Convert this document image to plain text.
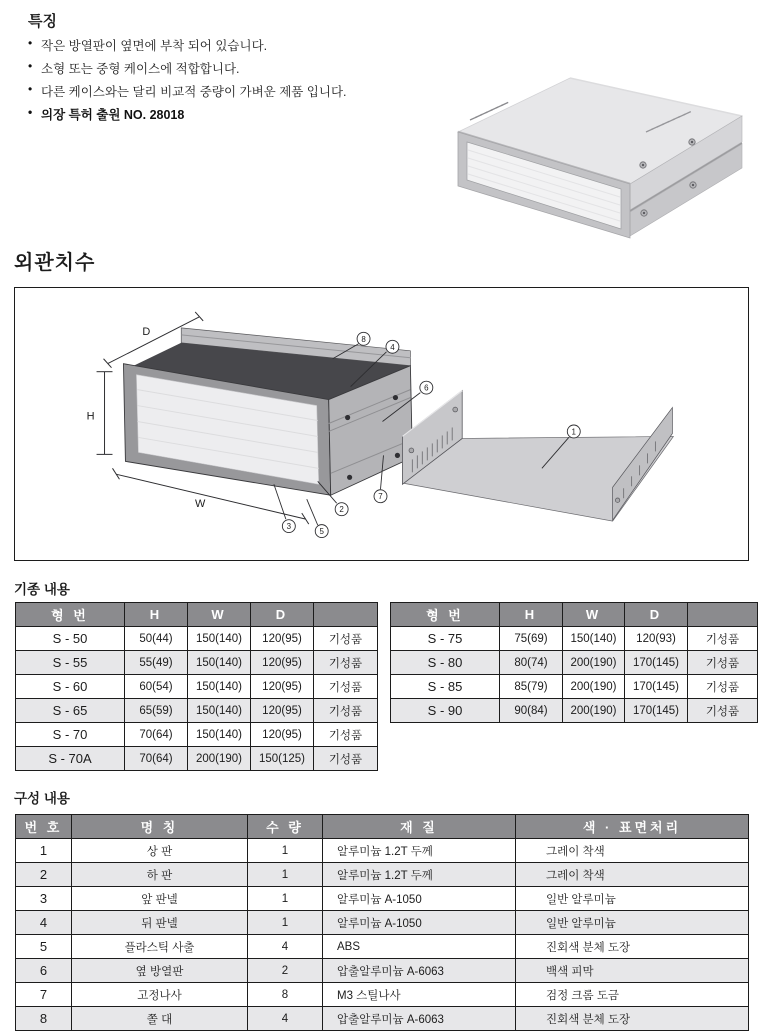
특징
• 작은 방열판이 옆면에 부착 되어 있습니다.
• 소형 또는 중형 케이스에 적합합니다.
• 다른 케이스와는 달리 비교적 중량이 가벼운 제품 입니다.
• 의장 특허 출원 NO. 28018
외관치수
D
H
W
8
4
6
7
2
5
3
1
기종 내용
형 번	H	W	D	
S - 50	50(44)	150(140)	120(95)	기성품
S - 55	55(49)	150(140)	120(95)	기성품
S - 60	60(54)	150(140)	120(95)	기성품
S - 65	65(59)	150(140)	120(95)	기성품
S - 70	70(64)	150(140)	120(95)	기성품
S - 70A	70(64)	200(190)	150(125)	기성품
형 번	H	W	D	
S - 75	75(69)	150(140)	120(93)	기성품
S - 80	80(74)	200(190)	170(145)	기성품
S - 85	85(79)	200(190)	170(145)	기성품
S - 90	90(84)	200(190)	170(145)	기성품
구성 내용
번 호	명 칭	수 량	재 질	색 · 표면처리
1	상 판	1	알루미늄 1.2T 두께	그레이 착색
2	하 판	1	알루미늄 1.2T 두께	그레이 착색
3	앞 판넬	1	알루미늄 A-1050	일반 알루미늄
4	뒤 판넬	1	알루미늄 A-1050	일반 알루미늄
5	플라스틱 사출	4	ABS	진회색 분체 도장
6	옆 방열판	2	압출알루미늄 A-6063	백색 피막
7	고정나사	8	M3 스틸나사	검정 크롬 도금
8	쫄 대	4	압출알루미늄 A-6063	진회색 분체 도장
